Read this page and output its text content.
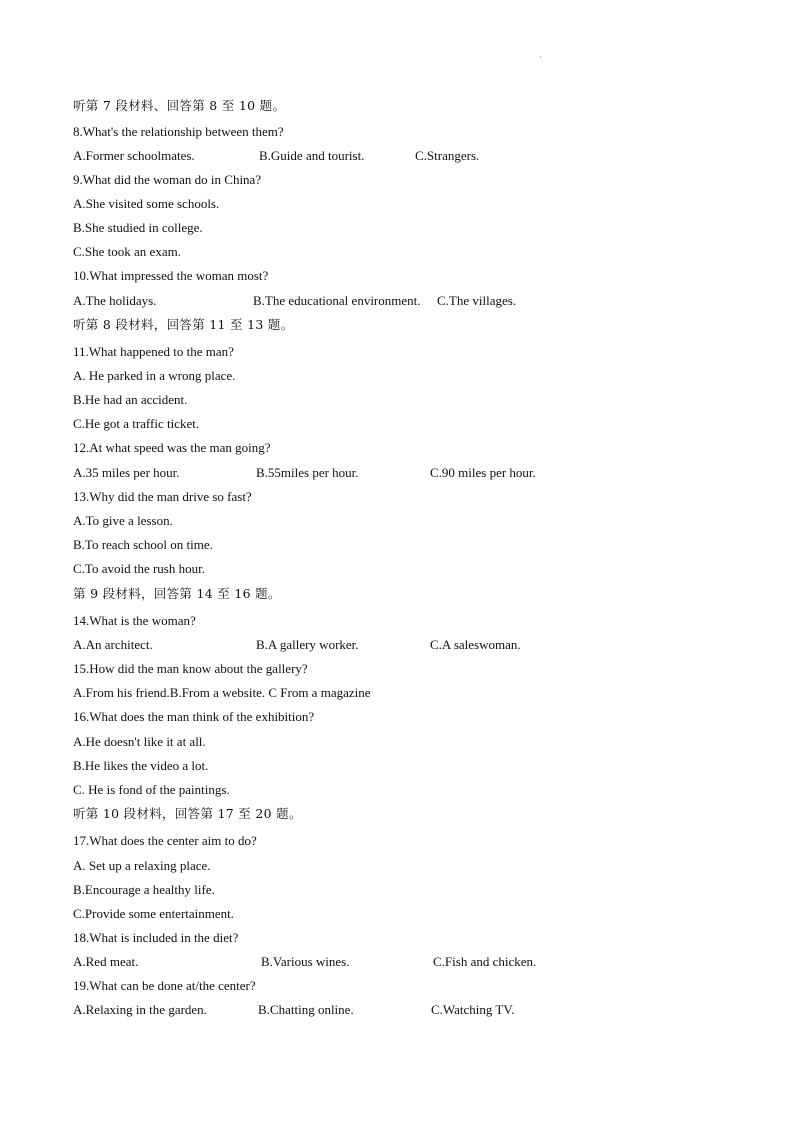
·
听第 7 段材料、回答第 8 至 10 题。
8.What's the relationship between them?
A.Former schoolmates.	B.Guide and tourist.	C.Strangers.
9.What did the woman do in China?
A.She visited some schools.
B.She studied in college.
C.She took an exam.
10.What impressed the woman most?
A.The holidays.	B.The educational environment. C.The villages.
听第 8 段材料，回答第 11 至 13 题。
11.What happened to the man?
A. He parked in a wrong place.
B.He had an accident.
C.He got a traffic ticket.
12.At what speed was the man going?
A.35 miles per hour.	B.55miles per hour.	C.90 miles per hour.
13.Why did the man drive so fast?
A.To give a lesson.
B.To reach school on time.
C.To avoid the rush hour.
第 9 段材料，回答第 14 至 16 题。
14.What is the woman?
A.An architect.	B.A gallery worker.	C.A saleswoman.
15.How did the man know about the gallery?
A.From his friend.B.From a website. C From a magazine
16.What does the man think of the exhibition?
A.He doesn't like it at all.
B.He likes the video a lot.
C. He is fond of the paintings.
听第 10 段材料，回答第 17 至 20 题。
17.What does the center aim to do?
A. Set up a relaxing place.
B.Encourage a healthy life.
C.Provide some entertainment.
18.What is included in the diet?
A.Red meat.	B.Various wines.	C.Fish and chicken.
19.What can be done at/the center?
A.Relaxing in the garden.	B.Chatting online.	C.Watching TV.
